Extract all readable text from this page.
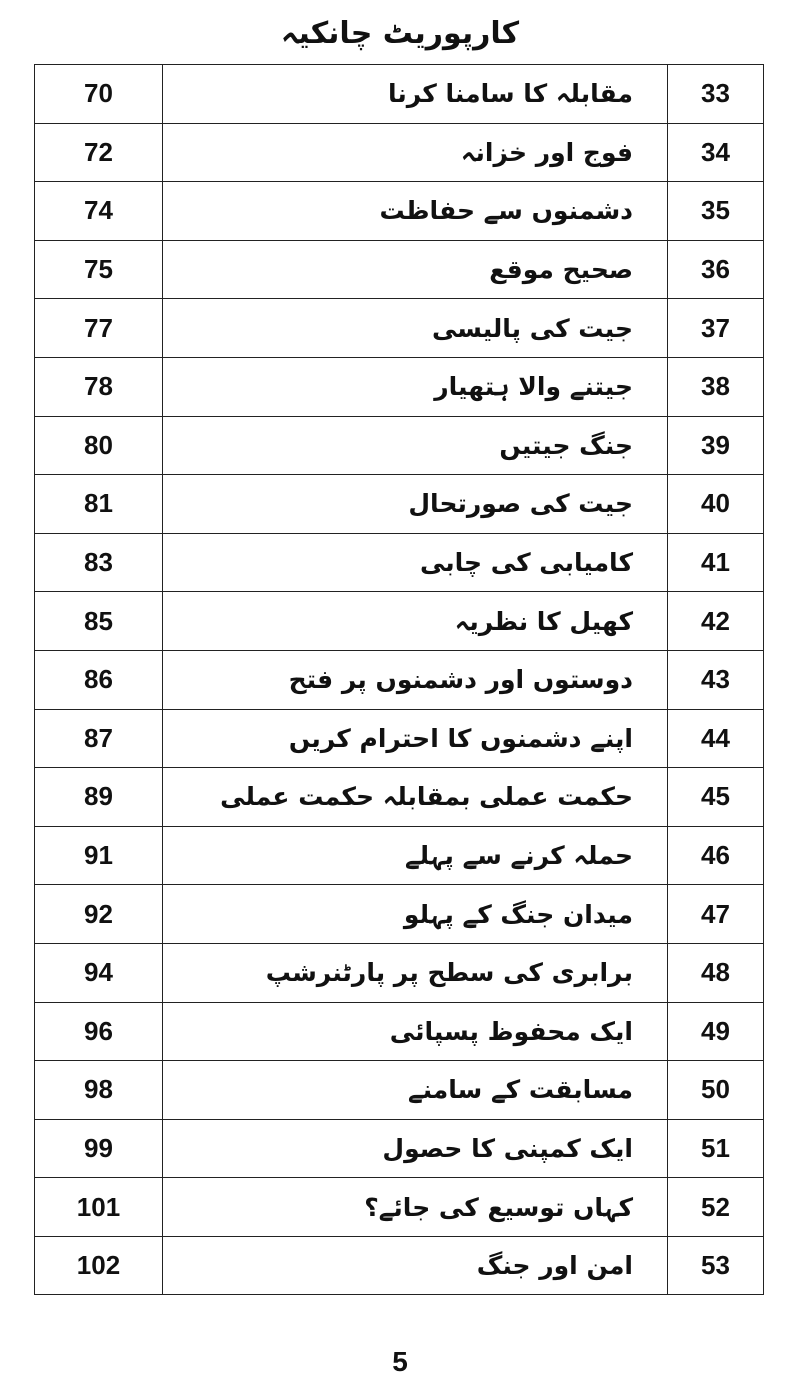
کارپوریٹ چانکیہ
70	مقابلہ کا سامنا کرنا	33
72	فوج اور خزانہ	34
74	دشمنوں سے حفاظت	35
75	صحیح موقع	36
77	جیت کی پالیسی	37
78	جیتنے والا ہتھیار	38
80	جنگ جیتیں	39
81	جیت کی صورتحال	40
83	کامیابی کی چابی	41
85	کھیل کا نظریہ	42
86	دوستوں اور دشمنوں پر فتح	43
87	اپنے دشمنوں کا احترام کریں	44
89	حکمت عملی بمقابلہ حکمت عملی	45
91	حملہ کرنے سے پہلے	46
92	میدان جنگ کے پہلو	47
94	برابری کی سطح پر پارٹنرشپ	48
96	ایک محفوظ پسپائی	49
98	مسابقت کے سامنے	50
99	ایک کمپنی کا حصول	51
101	کہاں توسیع کی جائے؟	52
102	امن اور جنگ	53
5
